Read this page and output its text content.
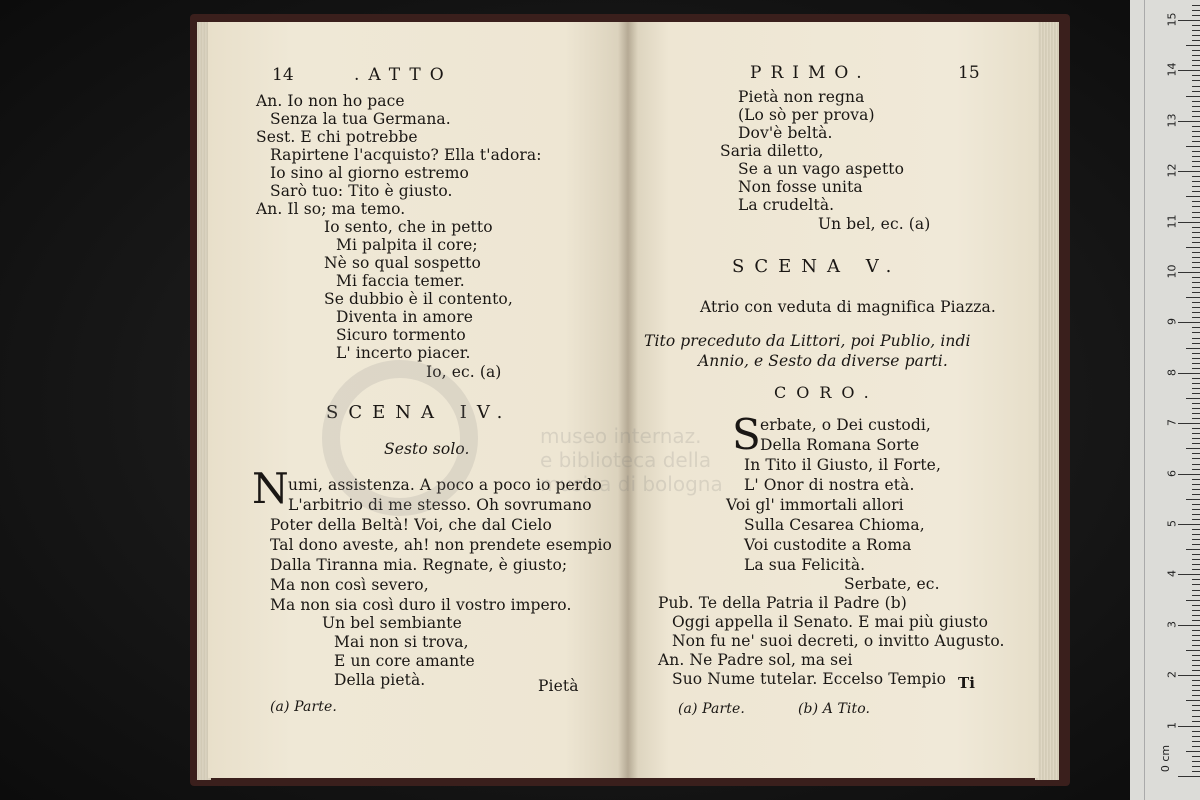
14	.ATTO
An. Io non ho pace
Senza la tua Germana.
Sest. E chi potrebbe
Rapirtene l'acquisto? Ella t'adora:
Io sino al giorno estremo
Sarò tuo: Tito è giusto.
An. Il so; ma temo.
Io sento, che in petto
Mi palpita il core;
Nè so qual sospetto
Mi faccia temer.
Se dubbio è il contento,
Diventa in amore
Sicuro tormento
L' incerto piacer.
Io, ec. (a)
SCENA IV.
Sesto solo.
N umi, assistenza. A poco a poco io perdo
L'arbitrio di me stesso. Oh sovrumano
Poter della Beltà! Voi, che dal Cielo
Tal dono aveste, ah! non prendete esempio
Dalla Tiranna mia. Regnate, è giusto;
Ma non così severo,
Ma non sia così duro il vostro impero.
Un bel sembiante
Mai non si trova,
E un core amante
Della pietà.	Pietà
(a) Parte.
PRIMO.	15
Pietà non regna
(Lo sò per prova)
Dov'è beltà.
Saria diletto,
Se a un vago aspetto
Non fosse unita
La crudeltà.
Un bel, ec. (a)
SCENA V.
Atrio con veduta di magnifica Piazza.
Tito preceduto da Littori, poi Publio, indi
Annio, e Sesto da diverse parti.
CORO.
S erbate, o Dei custodi,
Della Romana Sorte
In Tito il Giusto, il Forte,
L' Onor di nostra età.
Voi gl' immortali allori
Sulla Cesarea Chioma,
Voi custodite a Roma
La sua Felicità.
Serbate, ec.
Pub. Te della Patria il Padre (b)
Oggi appella il Senato. E mai più giusto
Non fu ne' suoi decreti, o invitto Augusto.
An. Ne Padre sol, ma sei
Suo Nume tutelar. Eccelso Tempio Ti
(a) Parte.	(b) A Tito.
0 cm
1
2
3
4
5
6
7
8
9
10
11
12
13
14
15
